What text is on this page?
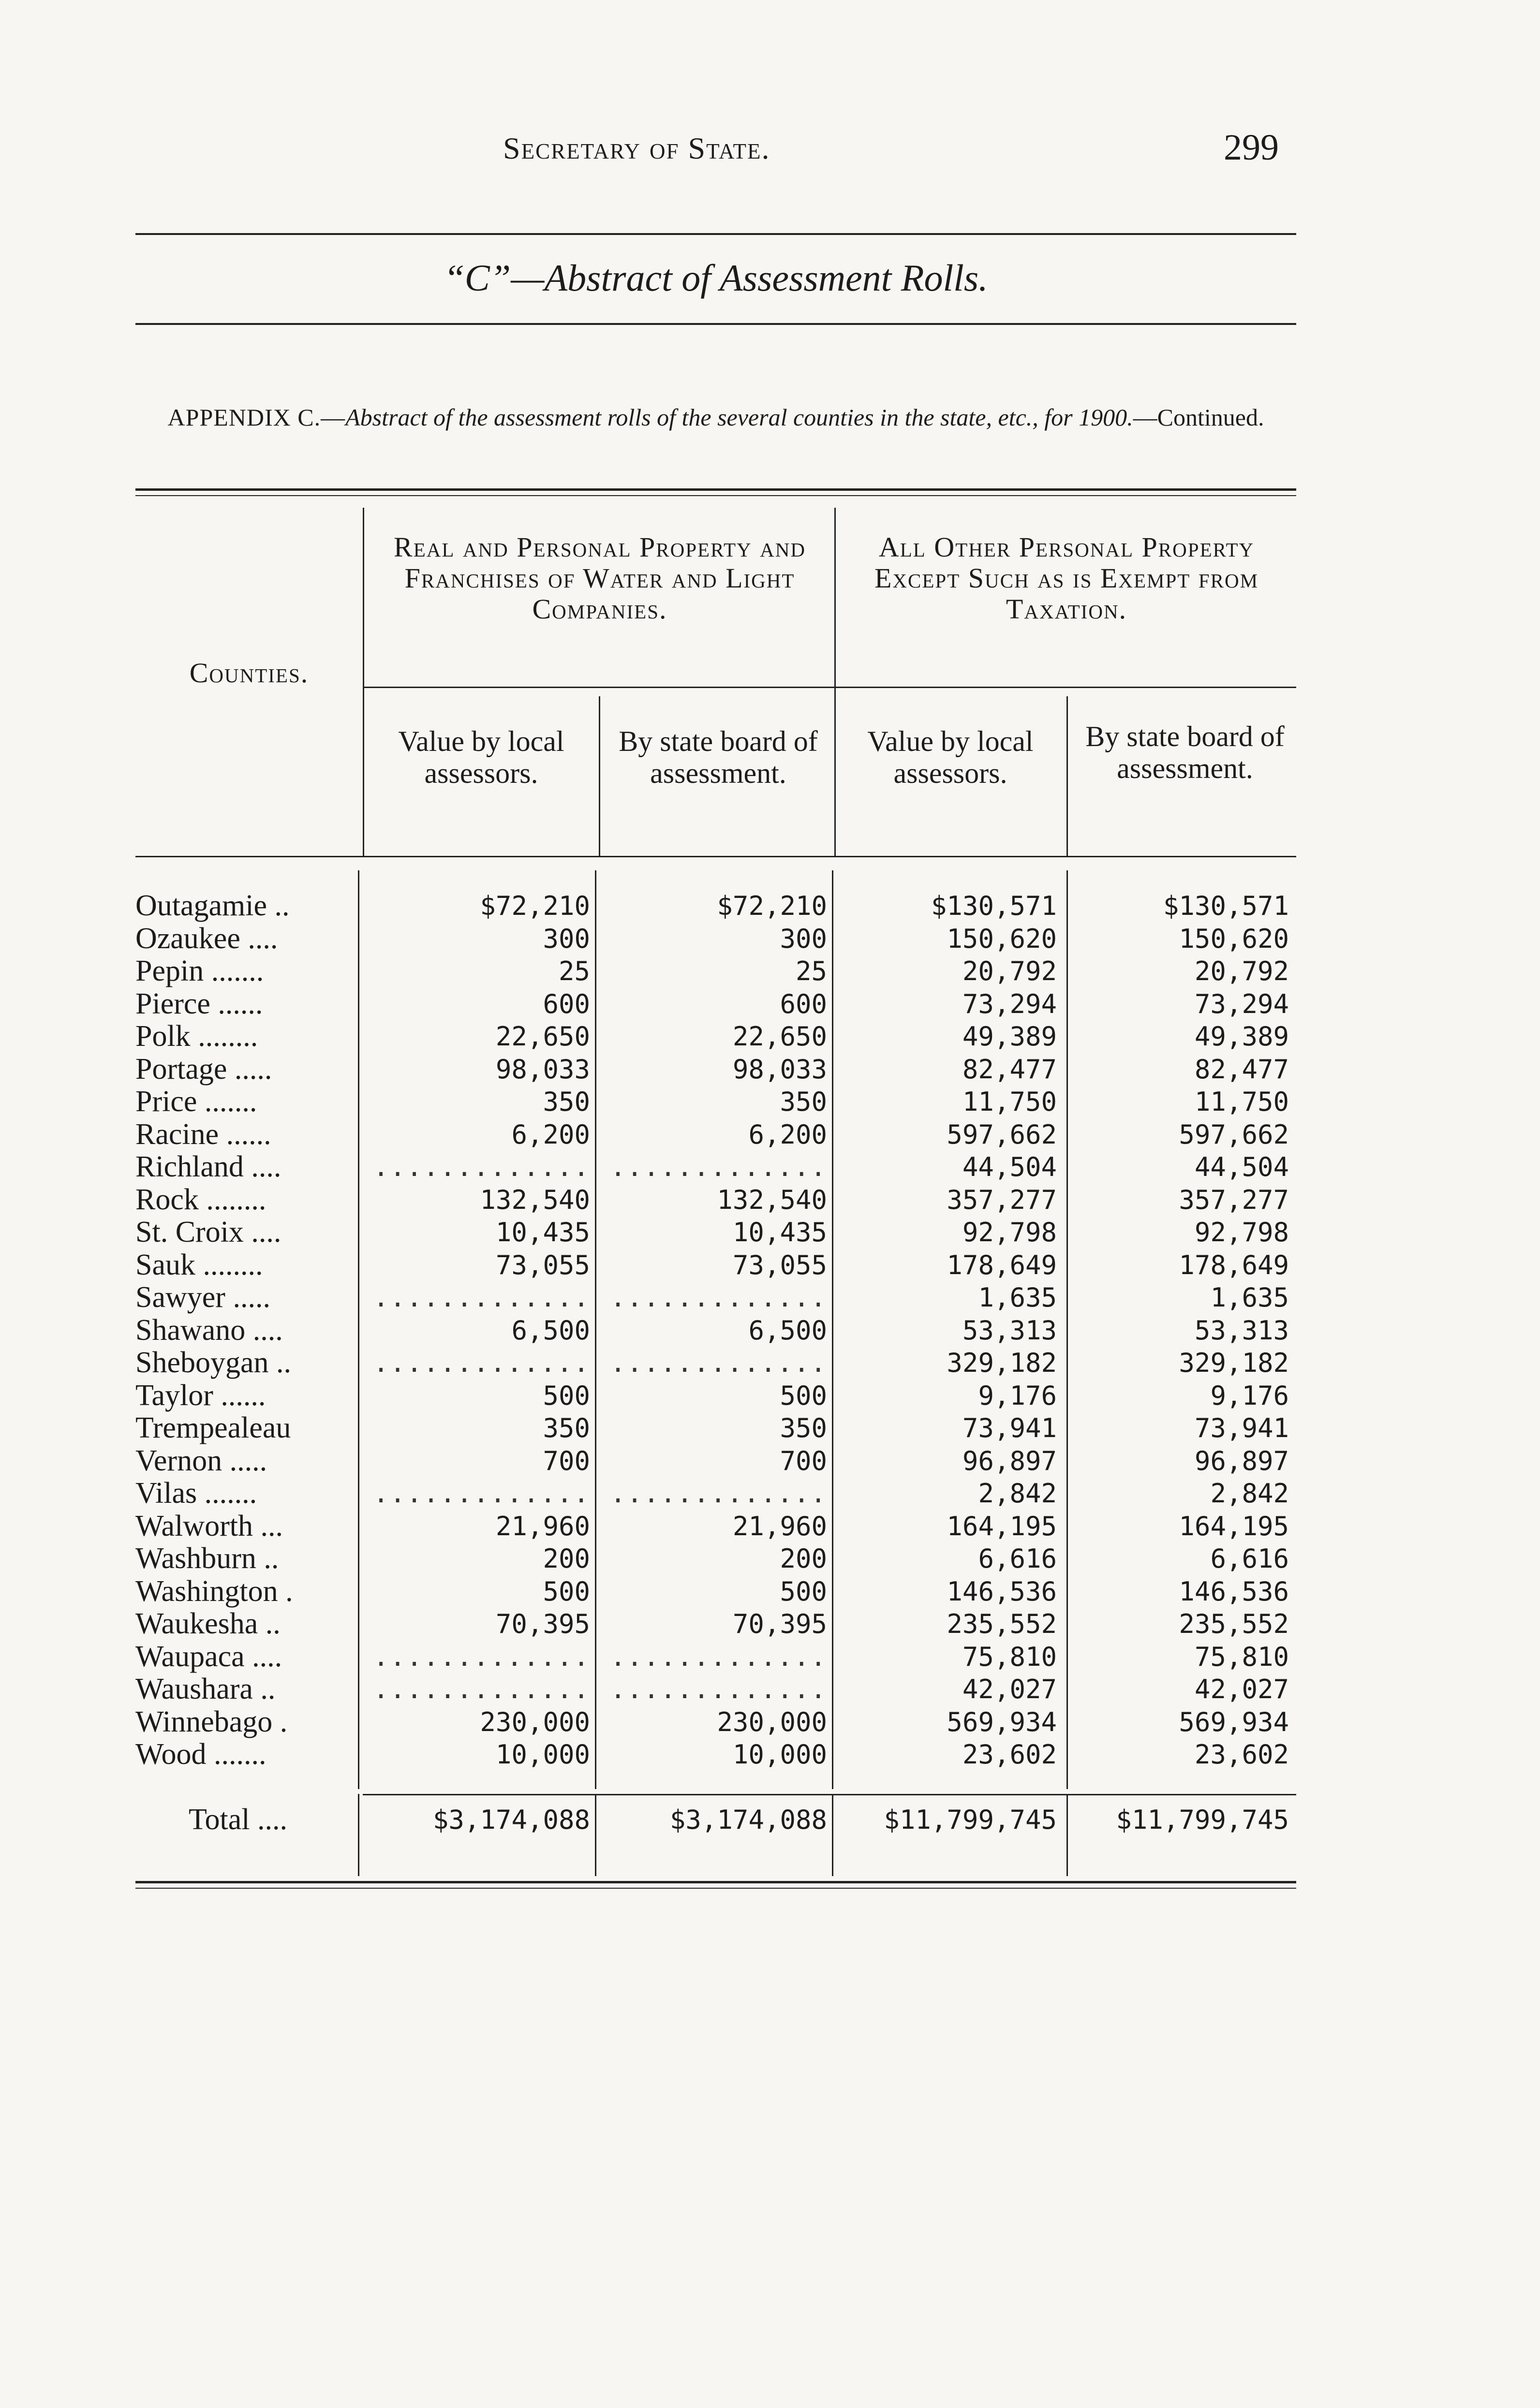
Secretary of State.	299
“C”—Abstract of Assessment Rolls.
APPENDIX C.—Abstract of the assessment rolls of the several counties in the state, etc., for 1900.—Continued.
Counties.
Real and Personal Property and Franchises of Water and Light Companies.
All Other Personal Property Except Such as is Exempt from Taxation.
Value by local assessors.
By state board of assessment.
Value by local assessors.
By state board of assessment.
Outagamie ..	$72,210	$72,210	$130,571	$130,571
Ozaukee ....	300	300	150,620	150,620
Pepin .......	25	25	20,792	20,792
Pierce ......	600	600	73,294	73,294
Polk ........	22,650	22,650	49,389	49,389
Portage .....	98,033	98,033	82,477	82,477
Price .......	350	350	11,750	11,750
Racine ......	6,200	6,200	597,662	597,662
Richland ....	............. .............	44,504	44,504
Rock ........	132,540	132,540	357,277	357,277
St. Croix ....	10,435	10,435	92,798	92,798
Sauk ........	73,055	73,055	178,649	178,649
Sawyer .....	............. .............	1,635	1,635
Shawano ....	6,500	6,500	53,313	53,313
Sheboygan ..	............. .............	329,182	329,182
Taylor ......	500	500	9,176	9,176
Trempealeau	350	350	73,941	73,941
Vernon .....	700	700	96,897	96,897
Vilas .......	............. .............	2,842	2,842
Walworth ...	21,960	21,960	164,195	164,195
Washburn ..	200	200	6,616	6,616
Washington .	500	500	146,536	146,536
Waukesha ..	70,395	70,395	235,552	235,552
Waupaca ....	............. .............	75,810	75,810
Waushara ..	............. .............	42,027	42,027
Winnebago .	230,000	230,000	569,934	569,934
Wood .......	10,000	10,000	23,602	23,602
Total ....	$3,174,088	$3,174,088	$11,799,745	$11,799,745
